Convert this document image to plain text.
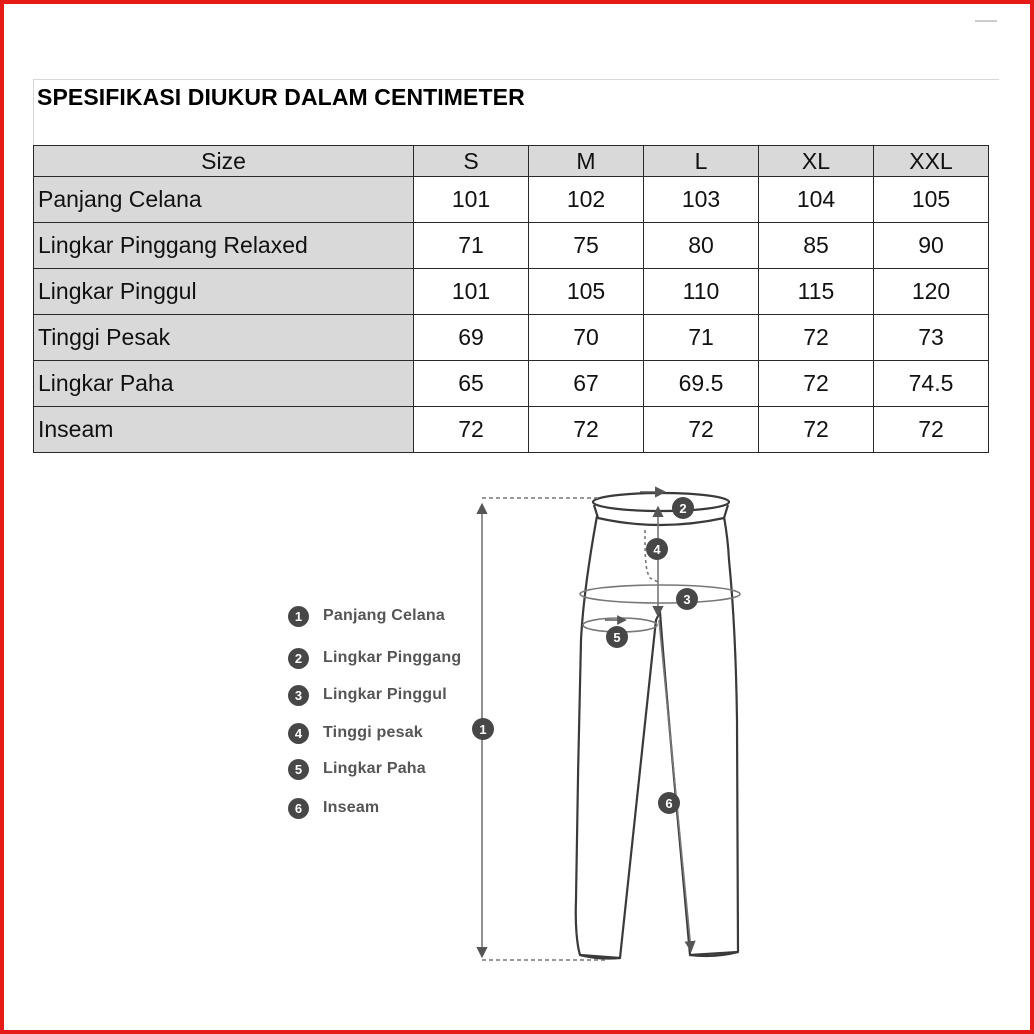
SPESIFIKASI DIUKUR DALAM CENTIMETER
Size	S	M	L	XL	XXL
Panjang Celana	101	102	103	104	105
Lingkar Pinggang Relaxed	71	75	80	85	90
Lingkar Pinggul	101	105	110	115	120
Tinggi Pesak	69	70	71	72	73
Lingkar Paha	65	67	69.5	72	74.5
Inseam	72	72	72	72	72
1	Panjang Celana
2	Lingkar Pinggang
3	Lingkar Pinggul
4	Tinggi pesak
5	Lingkar Paha
6	Inseam
1
2
3
4
5
6
